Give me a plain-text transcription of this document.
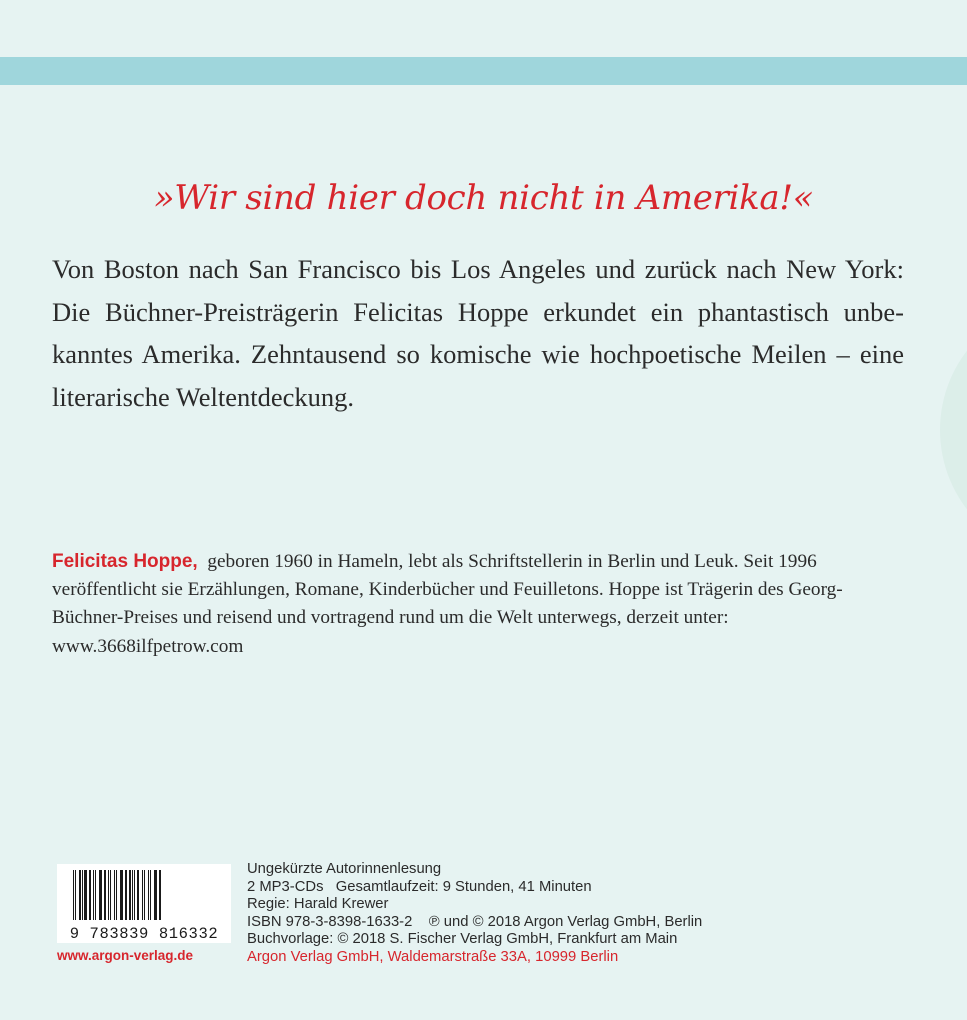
»Wir sind hier doch nicht in Amerika!«

Von Boston nach San Francisco bis Los Angeles und zurück nach New York: Die Büchner-Preisträgerin Felicitas Hoppe erkundet ein phantastisch unbekanntes Amerika. Zehntausend so komische wie hochpoetische Meilen – eine literarische Weltentdeckung.

Felicitas Hoppe, geboren 1960 in Hameln, lebt als Schriftstellerin in Berlin und Leuk. Seit 1996 veröffentlicht sie Erzählungen, Romane, Kinderbücher und Feuilletons. Hoppe ist Trägerin des Georg-Büchner-Preises und reisend und vortragend rund um die Welt unterwegs, derzeit unter: www.3668ilfpetrow.com

9 783839 816332
www.argon-verlag.de
Ungekürzte Autorinnenlesung
2 MP3-CDs   Gesamtlaufzeit: 9 Stunden, 41 Minuten
Regie: Harald Krewer
ISBN 978-3-8398-1633-2    ℗ und © 2018 Argon Verlag GmbH, Berlin
Buchvorlage: © 2018 S. Fischer Verlag GmbH, Frankfurt am Main
Argon Verlag GmbH, Waldemarstraße 33A, 10999 Berlin
